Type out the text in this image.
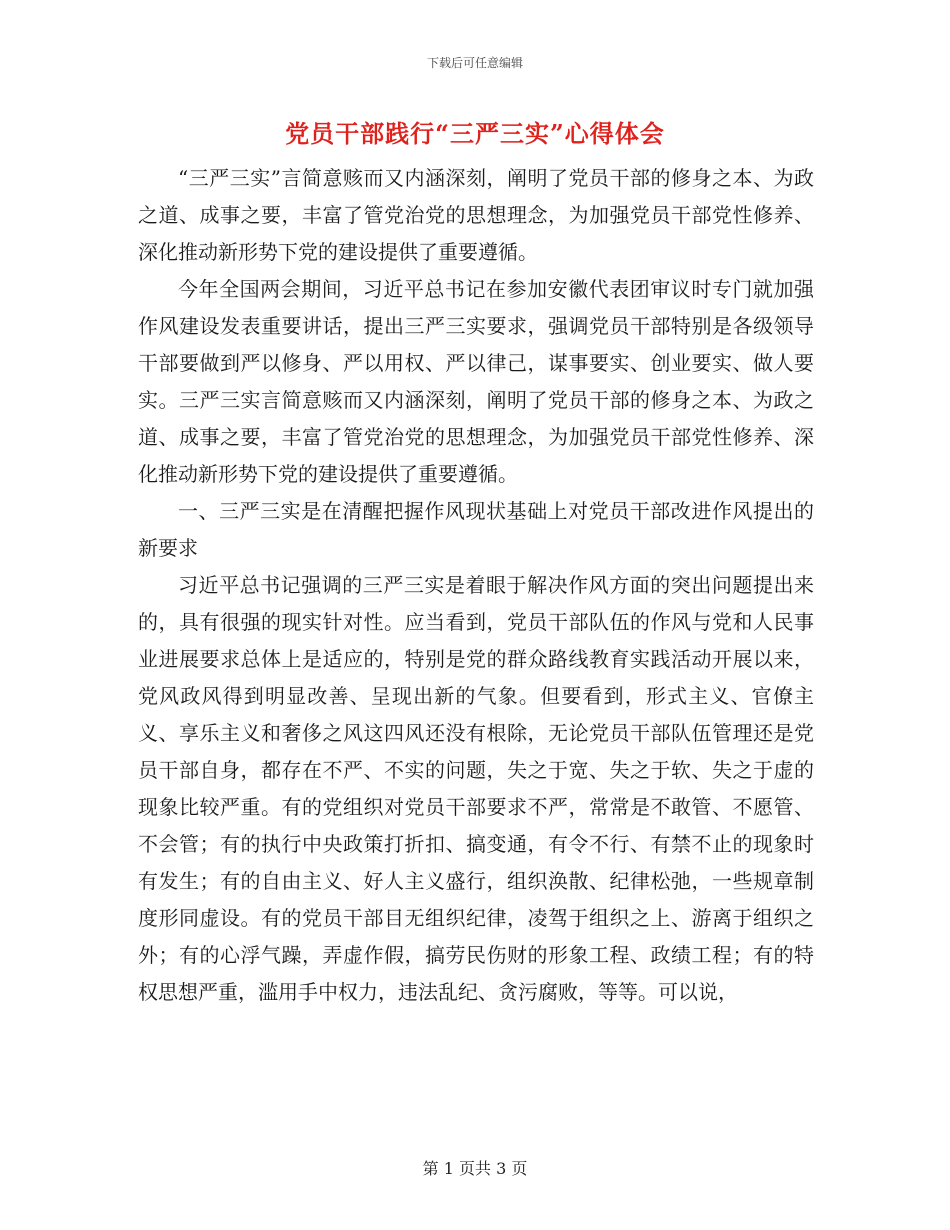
下载后可任意编辑
党员干部践行“三严三实”心得体会

“三严三实”言简意赅而又内涵深刻，阐明了党员干部的修身之本、为政之道、成事之要，丰富了管党治党的思想理念，为加强党员干部党性修养、深化推动新形势下党的建设提供了重要遵循。

今年全国两会期间，习近平总书记在参加安徽代表团审议时专门就加强作风建设发表重要讲话，提出三严三实要求，强调党员干部特别是各级领导干部要做到严以修身、严以用权、严以律己，谋事要实、创业要实、做人要实。三严三实言简意赅而又内涵深刻，阐明了党员干部的修身之本、为政之道、成事之要，丰富了管党治党的思想理念，为加强党员干部党性修养、深化推动新形势下党的建设提供了重要遵循。

一、三严三实是在清醒把握作风现状基础上对党员干部改进作风提出的新要求

习近平总书记强调的三严三实是着眼于解决作风方面的突出问题提出来的，具有很强的现实针对性。应当看到，党员干部队伍的作风与党和人民事业进展要求总体上是适应的，特别是党的群众路线教育实践活动开展以来，党风政风得到明显改善、呈现出新的气象。但要看到，形式主义、官僚主义、享乐主义和奢侈之风这四风还没有根除，无论党员干部队伍管理还是党员干部自身，都存在不严、不实的问题，失之于宽、失之于软、失之于虚的现象比较严重。有的党组织对党员干部要求不严，常常是不敢管、不愿管、不会管；有的执行中央政策打折扣、搞变通，有令不行、有禁不止的现象时有发生；有的自由主义、好人主义盛行，组织涣散、纪律松弛，一些规章制度形同虚设。有的党员干部目无组织纪律，凌驾于组织之上、游离于组织之外；有的心浮气躁，弄虚作假，搞劳民伤财的形象工程、政绩工程；有的特权思想严重，滥用手中权力，违法乱纪、贪污腐败，等等。可以说，

第 1 页共 3 页
